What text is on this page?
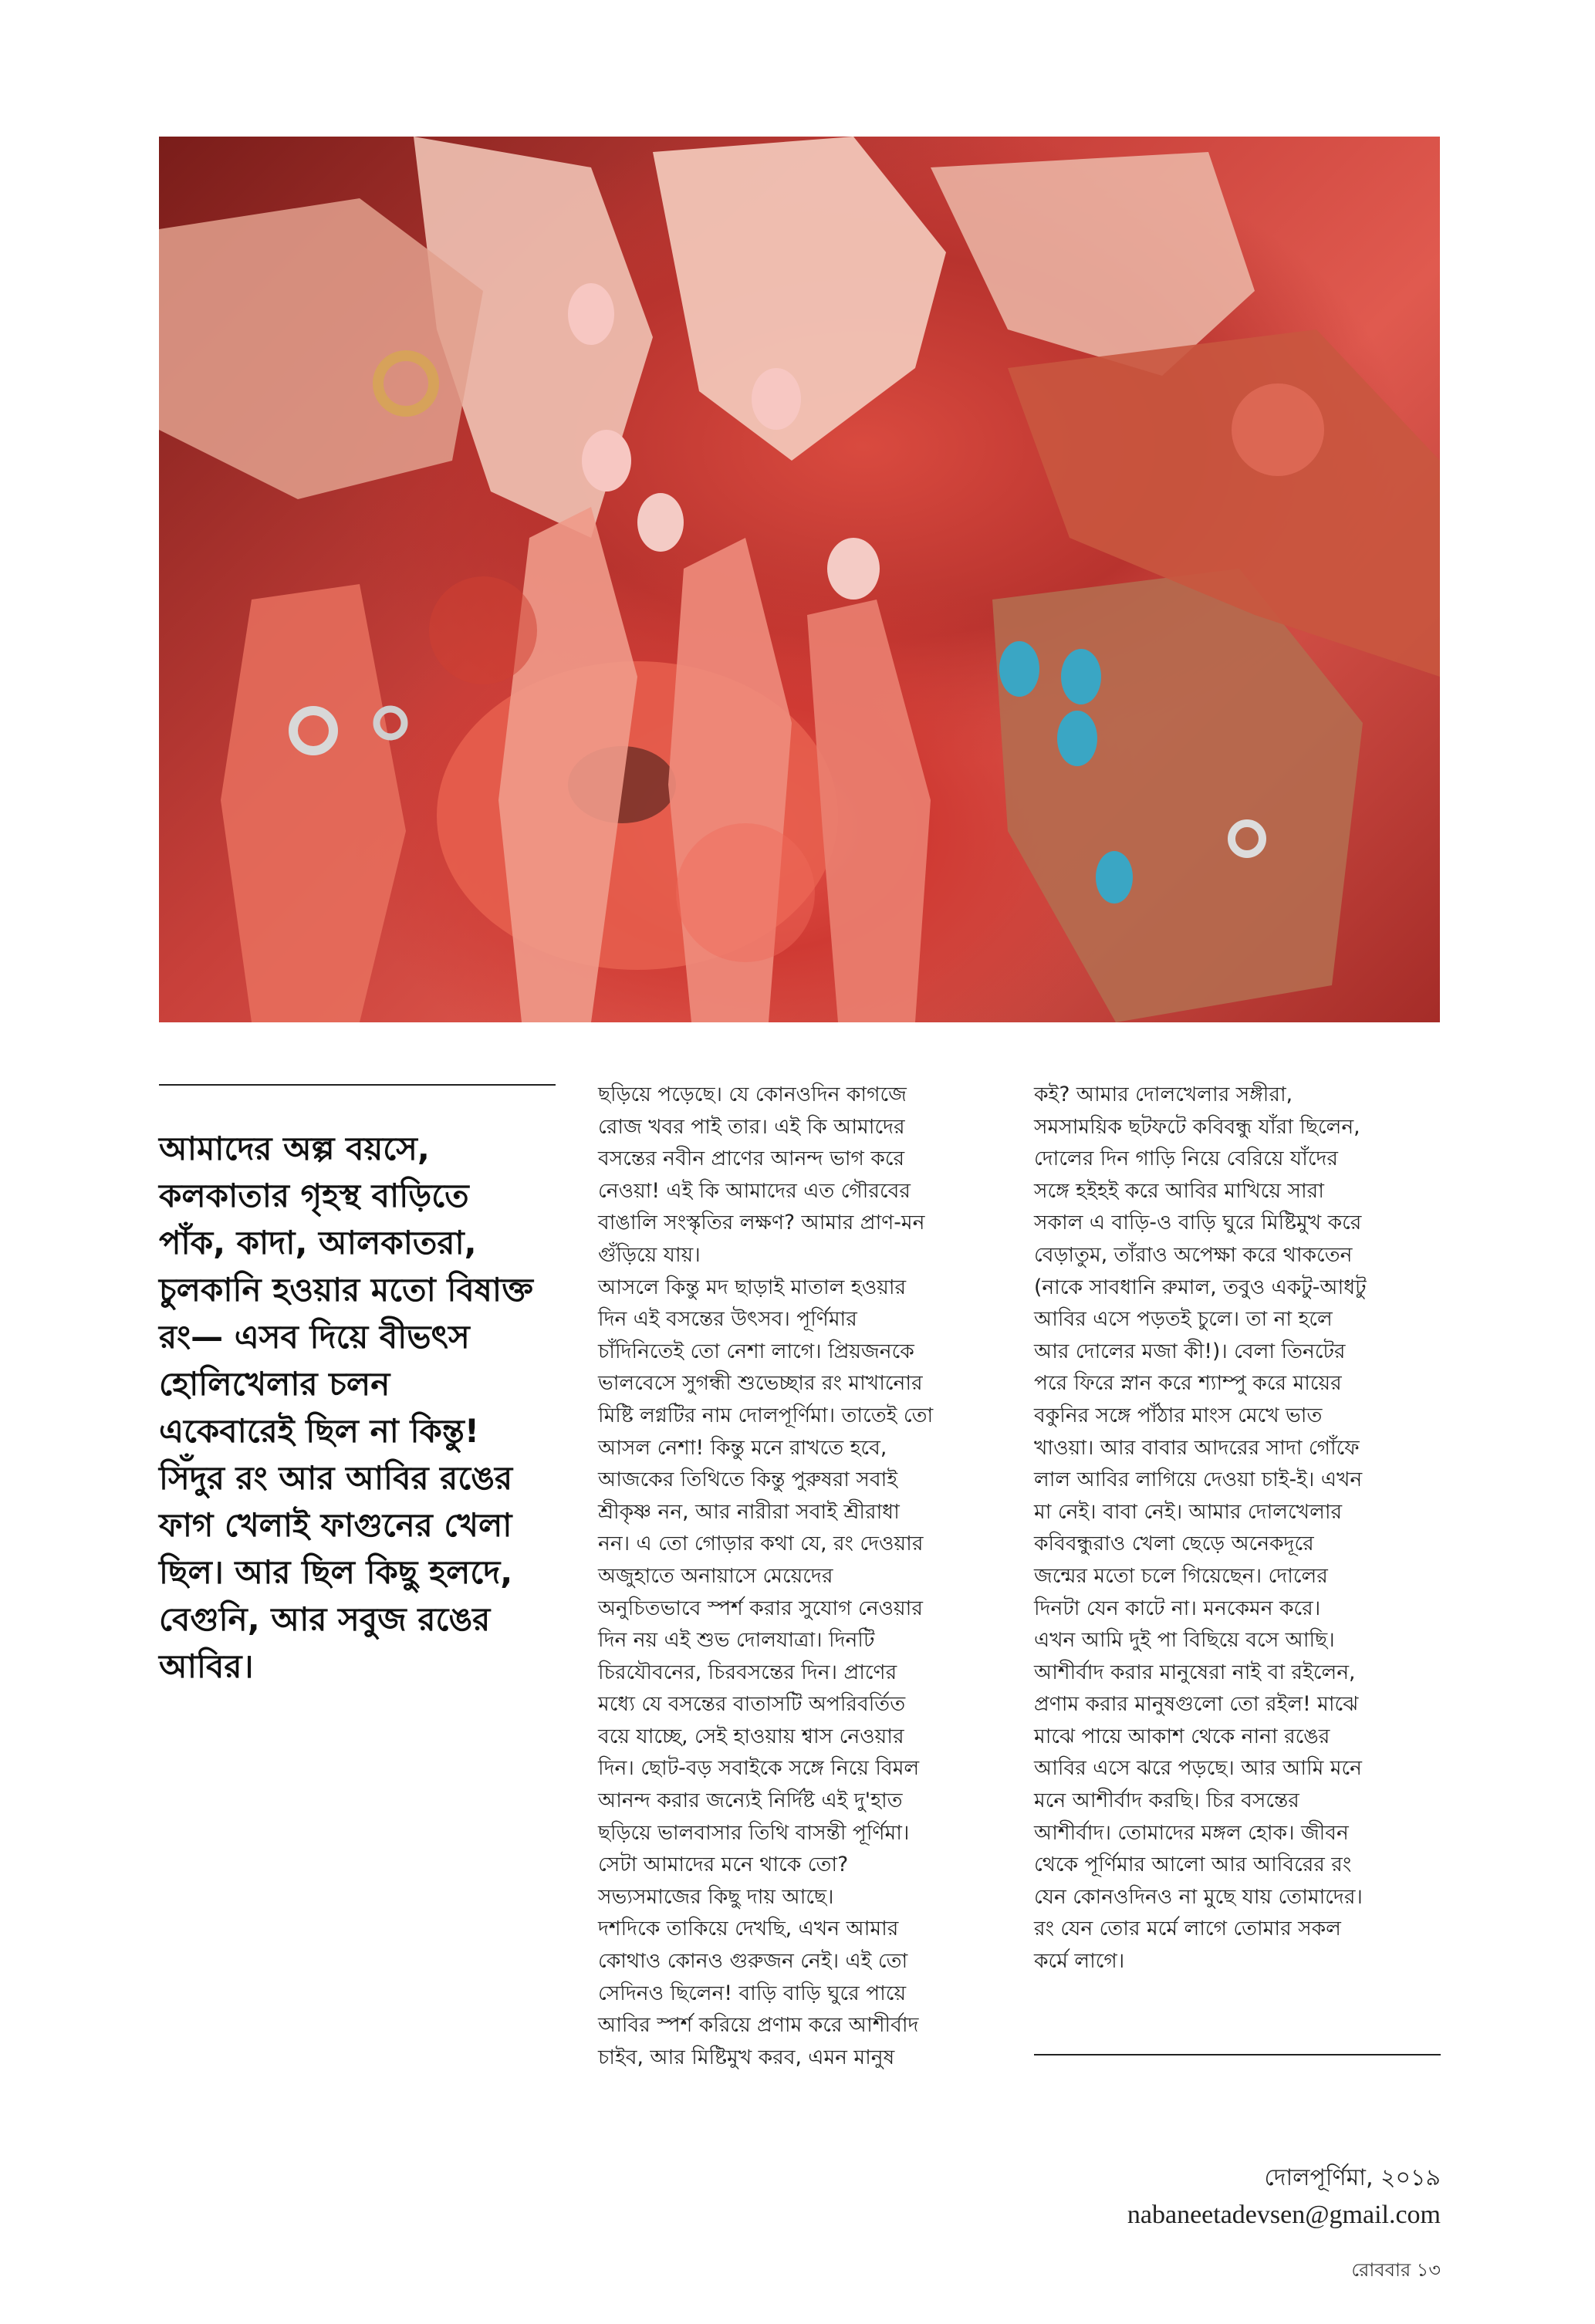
আমাদের অল্প বয়সে,

কলকাতার গৃহস্থ বাড়িতে

পাঁক, কাদা, আলকাতরা,

চুলকানি হওয়ার মতো বিষাক্ত

রং— এসব দিয়ে বীভৎস

হোলিখেলার চলন

একেবারেই ছিল না কিন্তু!

সিঁদুর রং আর আবির রঙের

ফাগ খেলাই ফাগুনের খেলা

ছিল। আর ছিল কিছু হলদে,

বেগুনি, আর সবুজ রঙের

আবির।

ছড়িয়ে পড়েছে। যে কোনওদিন কাগজে

রোজ খবর পাই তার। এই কি আমাদের

বসন্তের নবীন প্রাণের আনন্দ ভাগ করে

নেওয়া! এই কি আমাদের এত গৌরবের

বাঙালি সংস্কৃতির লক্ষণ? আমার প্রাণ-মন

গুঁড়িয়ে যায়।

আসলে কিন্তু মদ ছাড়াই মাতাল হওয়ার

দিন এই বসন্তের উৎসব। পূর্ণিমার

চাঁদিনিতেই তো নেশা লাগে। প্রিয়জনকে

ভালবেসে সুগন্ধী শুভেচ্ছার রং মাখানোর

মিষ্টি লগ্নটির নাম দোলপূর্ণিমা। তাতেই তো

আসল নেশা! কিন্তু মনে রাখতে হবে,

আজকের তিথিতে কিন্তু পুরুষরা সবাই

শ্রীকৃষ্ণ নন, আর নারীরা সবাই শ্রীরাধা

নন। এ তো গোড়ার কথা যে, রং দেওয়ার

অজুহাতে অনায়াসে মেয়েদের

অনুচিতভাবে স্পর্শ করার সুযোগ নেওয়ার

দিন নয় এই শুভ দোলযাত্রা। দিনটি

চিরযৌবনের, চিরবসন্তের দিন। প্রাণের

মধ্যে যে বসন্তের বাতাসটি অপরিবর্তিত

বয়ে যাচ্ছে, সেই হাওয়ায় শ্বাস নেওয়ার

দিন। ছোট-বড় সবাইকে সঙ্গে নিয়ে বিমল

আনন্দ করার জন্যেই নির্দিষ্ট এই দু'হাত

ছড়িয়ে ভালবাসার তিথি বাসন্তী পূর্ণিমা।

সেটা আমাদের মনে থাকে তো?

সভ্যসমাজের কিছু দায় আছে।

দশদিকে তাকিয়ে দেখছি, এখন আমার

কোথাও কোনও গুরুজন নেই। এই তো

সেদিনও ছিলেন! বাড়ি বাড়ি ঘুরে পায়ে

আবির স্পর্শ করিয়ে প্রণাম করে আশীর্বাদ

চাইব, আর মিষ্টিমুখ করব, এমন মানুষ

কই? আমার দোলখেলার সঙ্গীরা,

সমসাময়িক ছটফটে কবিবন্ধু যাঁরা ছিলেন,

দোলের দিন গাড়ি নিয়ে বেরিয়ে যাঁদের

সঙ্গে হইহই করে আবির মাখিয়ে সারা

সকাল এ বাড়ি-ও বাড়ি ঘুরে মিষ্টিমুখ করে

বেড়াতুম, তাঁরাও অপেক্ষা করে থাকতেন

(নাকে সাবধানি রুমাল, তবুও একটু-আধটু

আবির এসে পড়তই চুলে। তা না হলে

আর দোলের মজা কী!)। বেলা তিনটের

পরে ফিরে স্নান করে শ্যাম্পু করে মায়ের

বকুনির সঙ্গে পাঁঠার মাংস মেখে ভাত

খাওয়া। আর বাবার আদরের সাদা গোঁফে

লাল আবির লাগিয়ে দেওয়া চাই-ই। এখন

মা নেই। বাবা নেই। আমার দোলখেলার

কবিবন্ধুরাও খেলা ছেড়ে অনেকদূরে

জন্মের মতো চলে গিয়েছেন। দোলের

দিনটা যেন কাটে না। মনকেমন করে।

এখন আমি দুই পা বিছিয়ে বসে আছি।

আশীর্বাদ করার মানুষেরা নাই বা রইলেন,

প্রণাম করার মানুষগুলো তো রইল! মাঝে

মাঝে পায়ে আকাশ থেকে নানা রঙের

আবির এসে ঝরে পড়ছে। আর আমি মনে

মনে আশীর্বাদ করছি। চির বসন্তের

আশীর্বাদ। তোমাদের মঙ্গল হোক। জীবন

থেকে পূর্ণিমার আলো আর আবিরের রং

যেন কোনওদিনও না মুছে যায় তোমাদের।

রং যেন তোর মর্মে লাগে তোমার সকল

কর্মে লাগে।

দোলপূর্ণিমা, ২০১৯
nabaneetadevsen@gmail.com
রোববার ১৩
